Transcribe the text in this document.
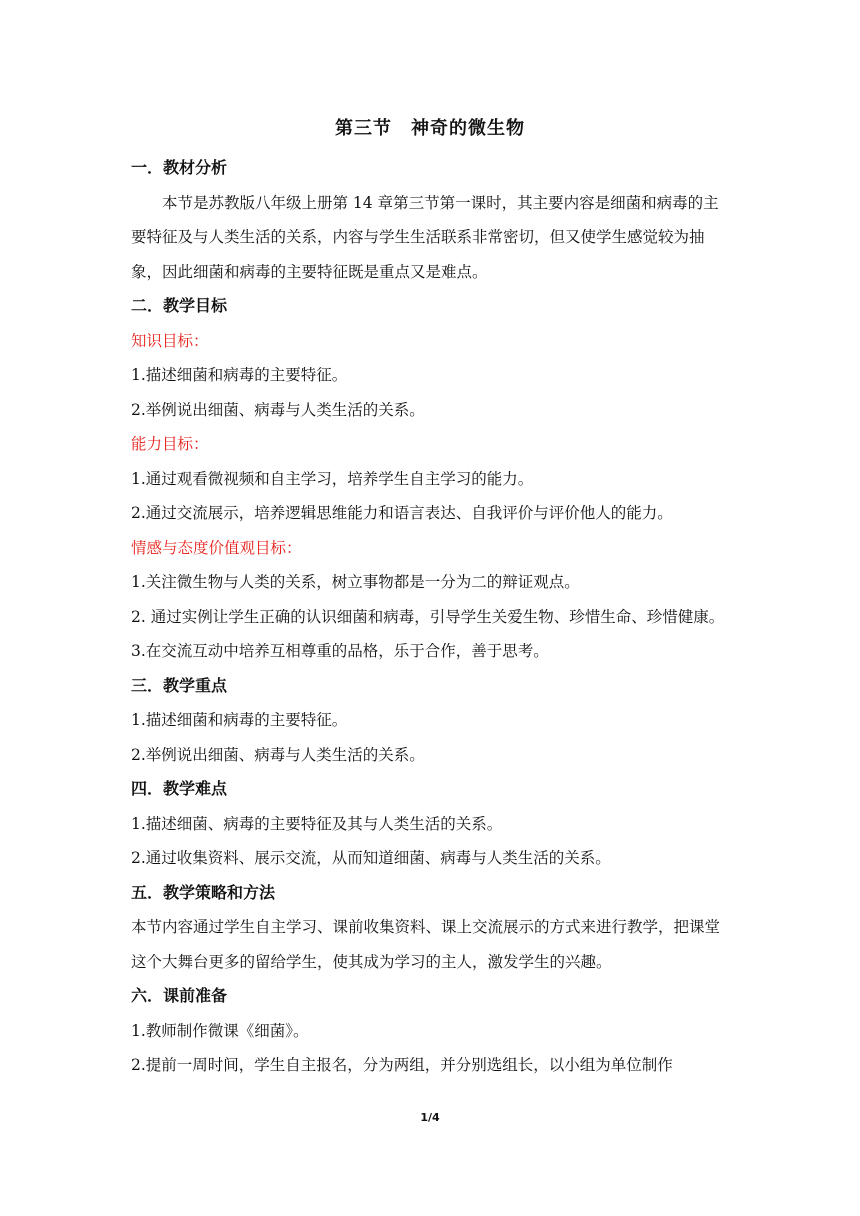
第三节　神奇的微生物

一．教材分析

本节是苏教版八年级上册第 14 章第三节第一课时，其主要内容是细菌和病毒的主要特征及与人类生活的关系，内容与学生生活联系非常密切，但又使学生感觉较为抽象，因此细菌和病毒的主要特征既是重点又是难点。

二．教学目标

知识目标：

1.描述细菌和病毒的主要特征。

2.举例说出细菌、病毒与人类生活的关系。

能力目标：

1.通过观看微视频和自主学习，培养学生自主学习的能力。

2.通过交流展示，培养逻辑思维能力和语言表达、自我评价与评价他人的能力。

情感与态度价值观目标：

1.关注微生物与人类的关系，树立事物都是一分为二的辩证观点。

2. 通过实例让学生正确的认识细菌和病毒，引导学生关爱生物、珍惜生命、珍惜健康。

3.在交流互动中培养互相尊重的品格，乐于合作，善于思考。

三．教学重点

1.描述细菌和病毒的主要特征。

2.举例说出细菌、病毒与人类生活的关系。

四．教学难点

1.描述细菌、病毒的主要特征及其与人类生活的关系。

2.通过收集资料、展示交流，从而知道细菌、病毒与人类生活的关系。

五．教学策略和方法

本节内容通过学生自主学习、课前收集资料、课上交流展示的方式来进行教学，把课堂这个大舞台更多的留给学生，使其成为学习的主人，激发学生的兴趣。

六．课前准备

1.教师制作微课《细菌》。

2.提前一周时间，学生自主报名，分为两组，并分别选组长，以小组为单位制作

1/4
